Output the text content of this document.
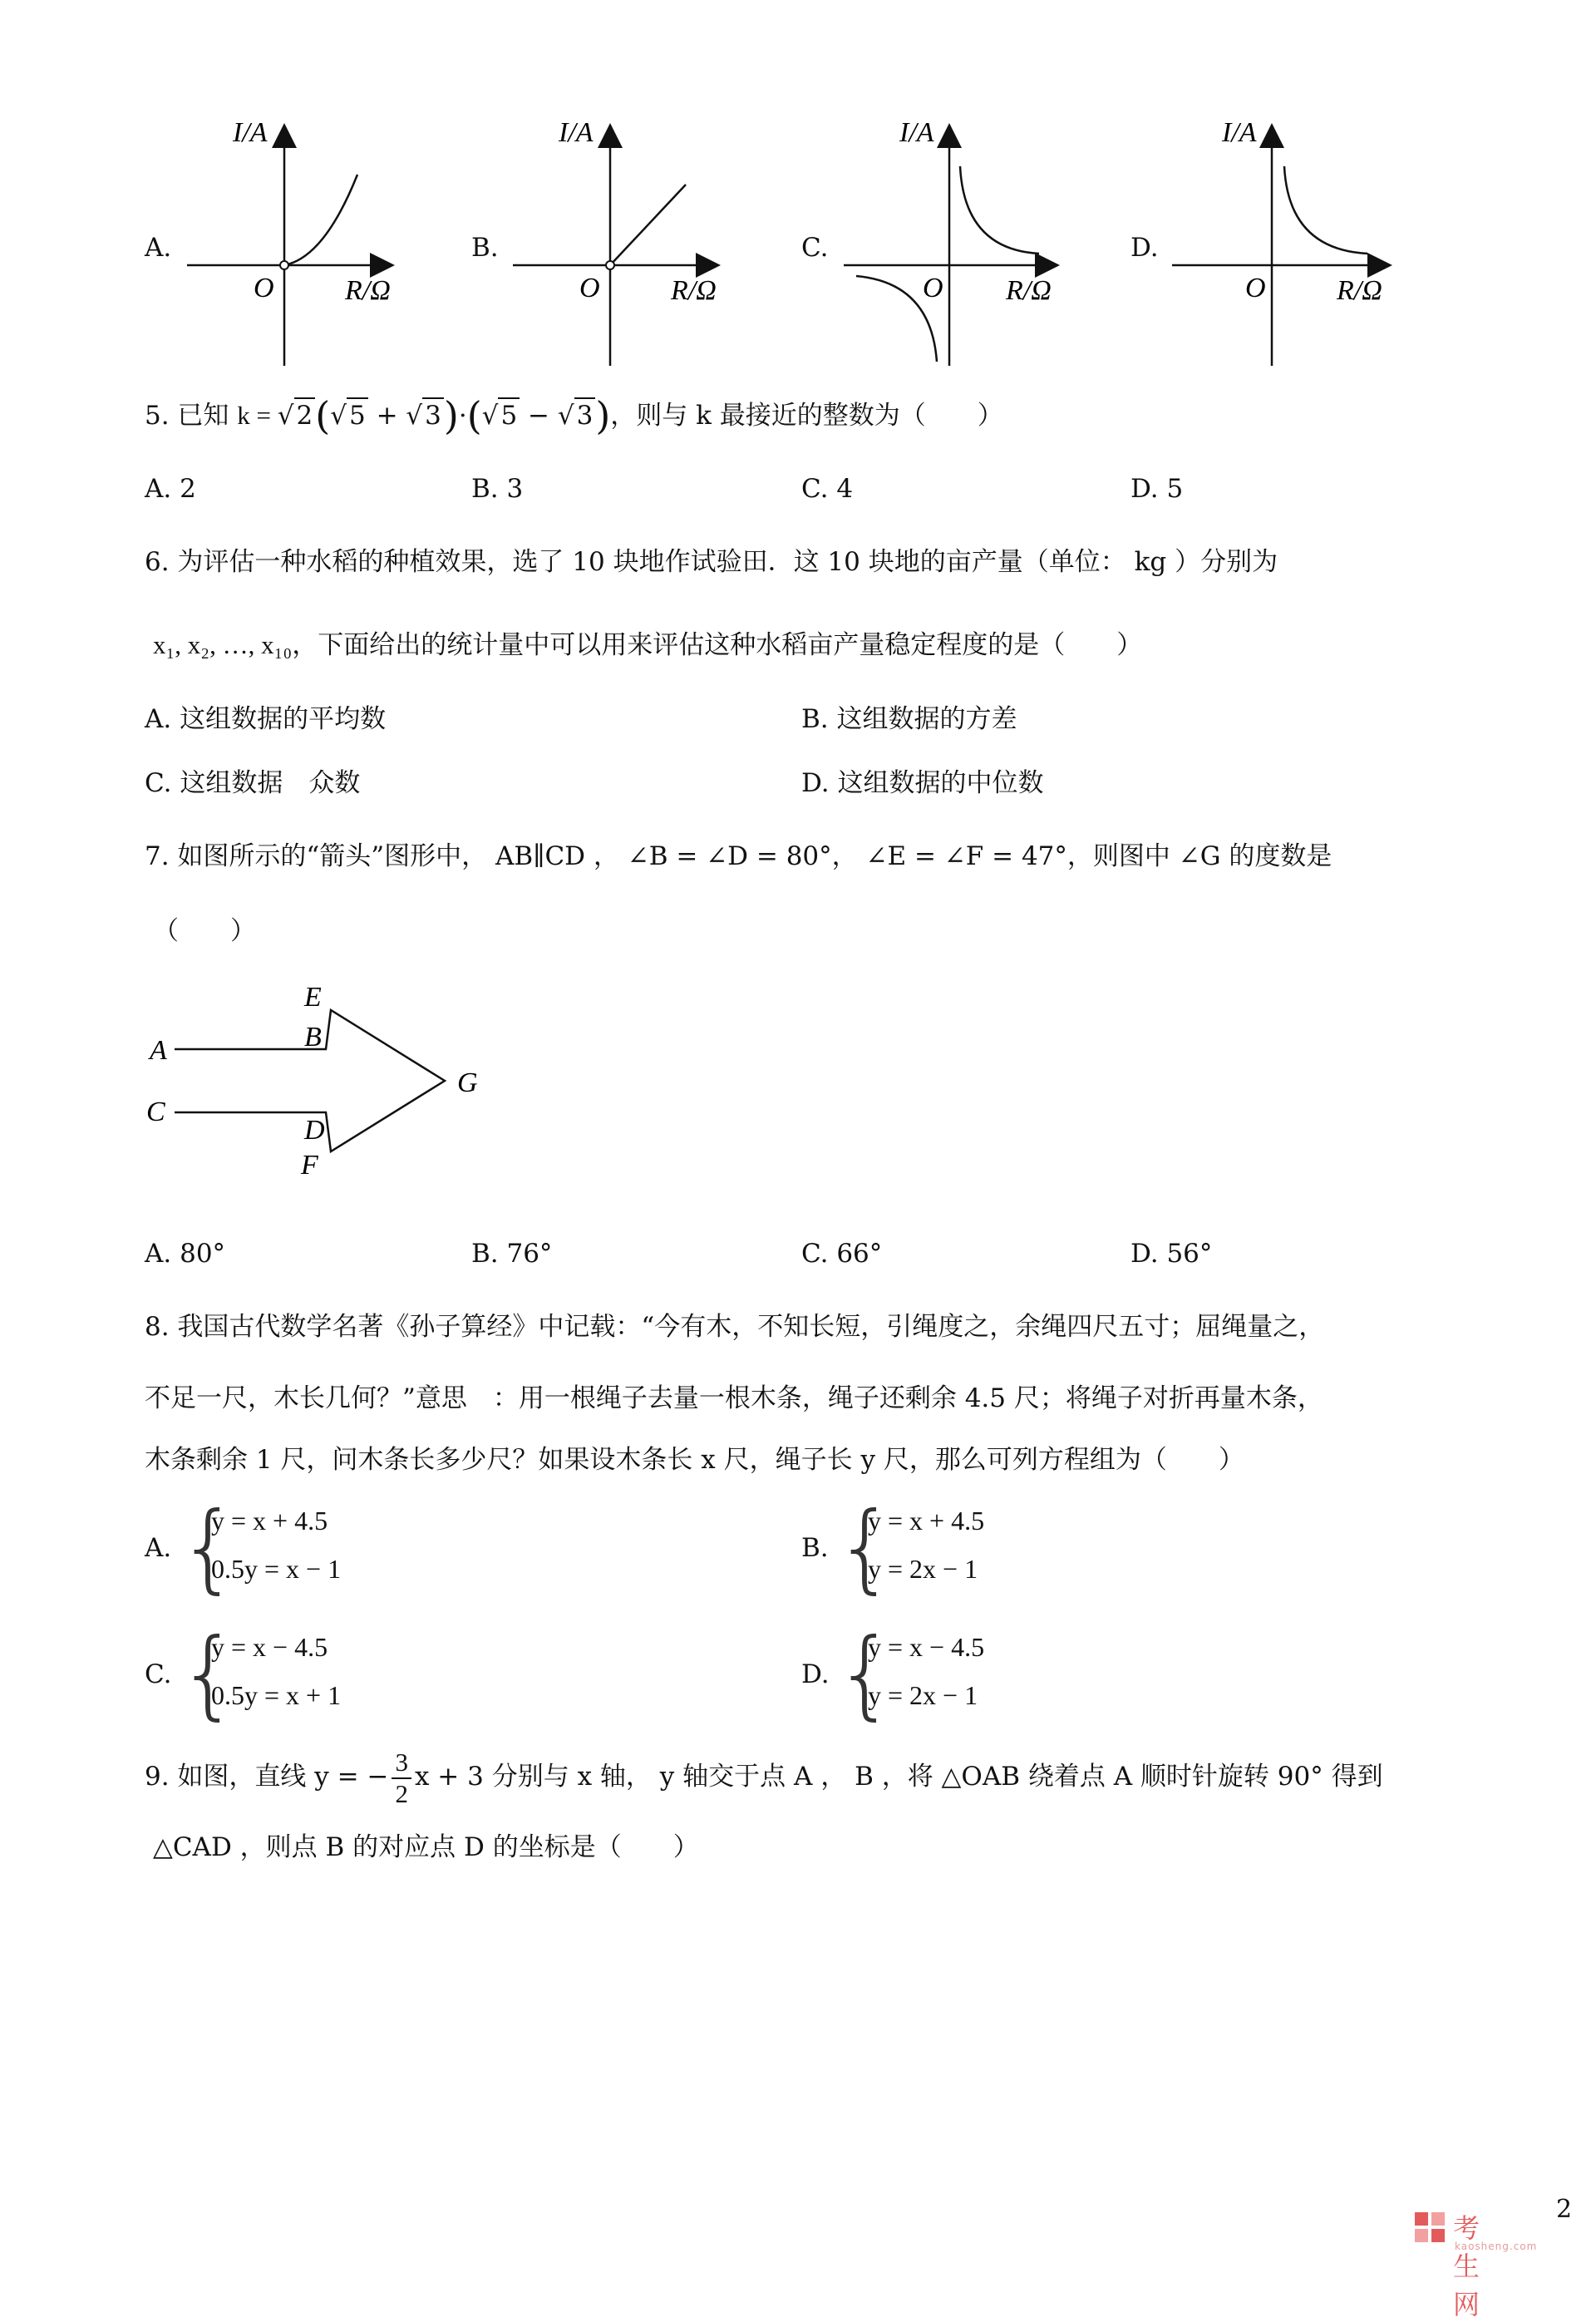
A.
I/A
O	R/Ω
B.
I/A
O	R/Ω
C.
I/A
O R/Ω
D.
I/A
O	R/Ω
5. 已知 k = √2(√5 + √3)·(√5 − √3)，则与 k 最接近的整数为（　　）
A. 2	B. 3	C. 4	D. 5
6. 为评估一种水稻的种植效果，选了 10 块地作试验田．这 10 块地的亩产量（单位： kg ）分别为
x₁, x₂, …, x₁₀，下面给出的统计量中可以用来评估这种水稻亩产量稳定程度的是（　　）
A. 这组数据的平均数	B. 这组数据的方差
C. 这组数据　众数	D. 这组数据的中位数
7. 如图所示的“箭头”图形中， AB∥CD ， ∠B = ∠D = 80°， ∠E = ∠F = 47°，则图中 ∠G 的度数是
（　　）
E
B
A
C
D
F
G
A. 80°	B. 76°	C. 66°	D. 56°
8. 我国古代数学名著《孙子算经》中记载：“今有木，不知长短，引绳度之，余绳四尺五寸；屈绳量之，
不足一尺，木长几何？”意思　：用一根绳子去量一根木条，绳子还剩余 4.5 尺；将绳子对折再量木条，
木条剩余 1 尺，问木条长多少尺？如果设木条长 x 尺，绳子长 y 尺，那么可列方程组为（　　）
A. {
y = x + 4.5
0.5y = x − 1
B. {
y = x + 4.5
y = 2x − 1
C. {
y = x − 4.5
0.5y = x + 1
D. {
y = x − 4.5
y = 2x − 1
9. 如图，直线 y = − $\frac{3}{2}$ x + 3 分别与 x 轴， y 轴交于点 A ， B ，将 △OAB 绕着点 A 顺时针旋转 90° 得到
△CAD ，则点 B 的对应点 D 的坐标是（　　）
2
考生网
kaosheng.com
